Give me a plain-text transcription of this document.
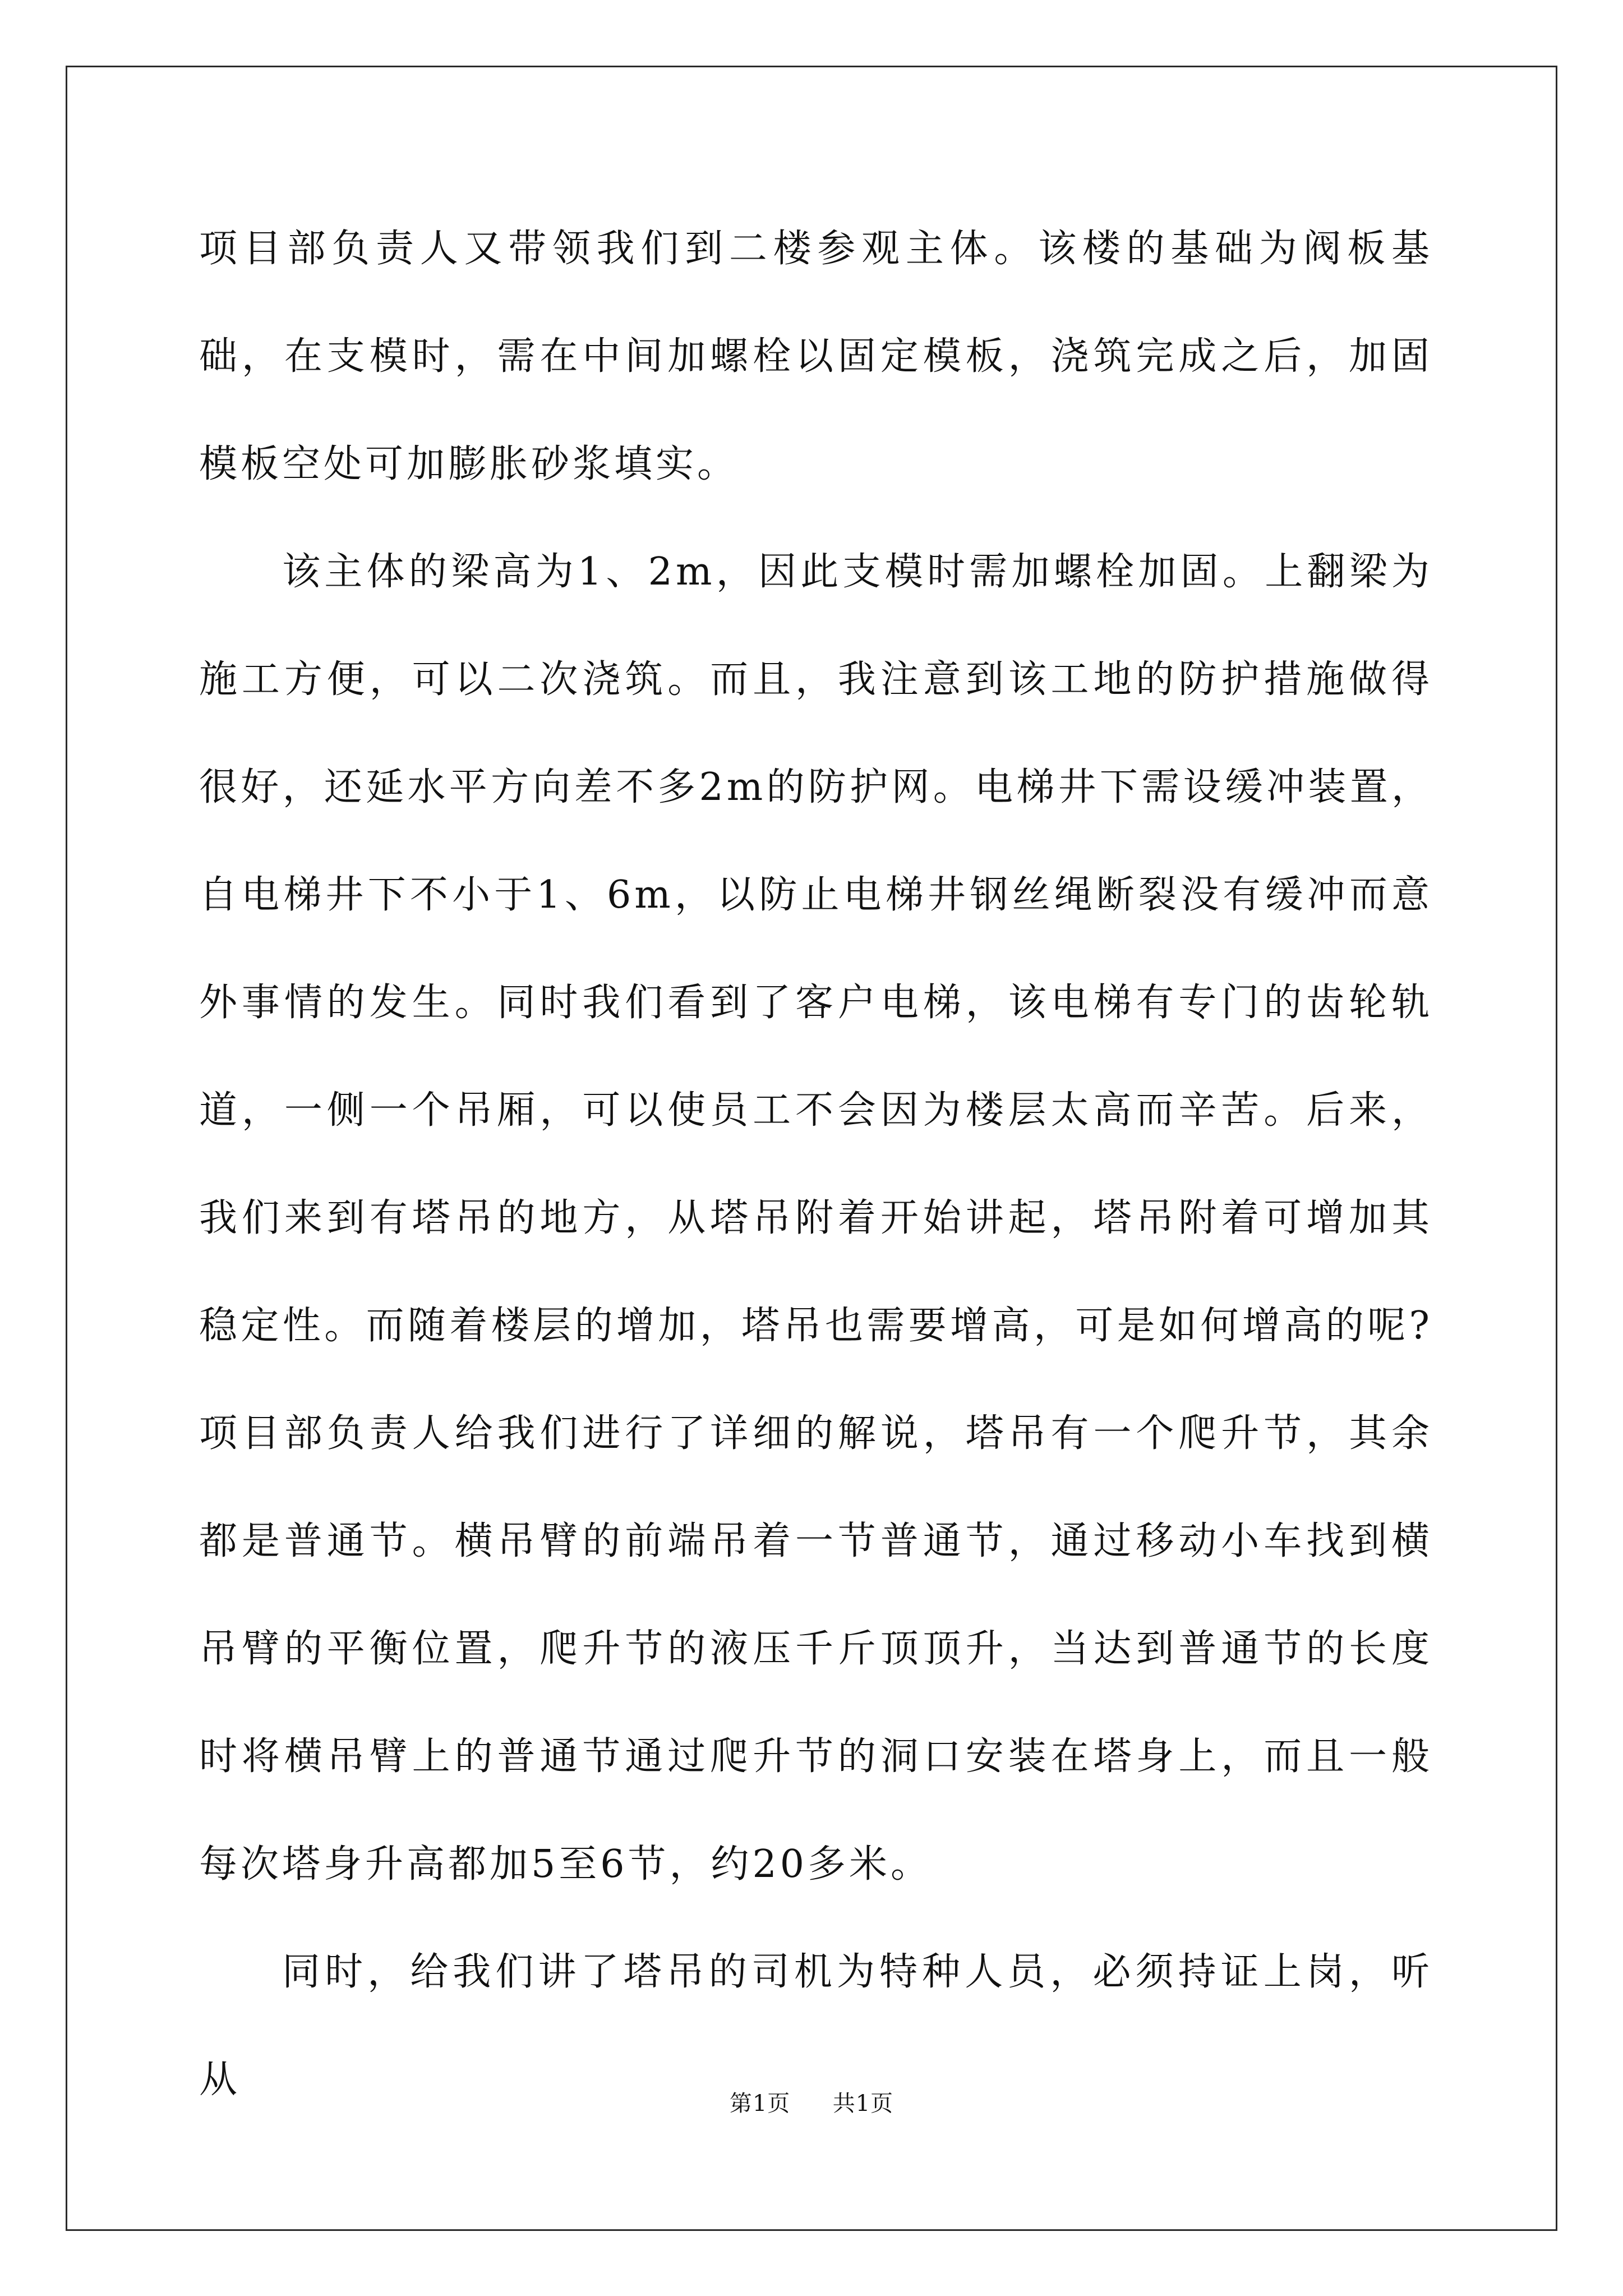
项目部负责人又带领我们到二楼参观主体。该楼的基础为阀板基础，在支模时，需在中间加螺栓以固定模板，浇筑完成之后，加固模板空处可加膨胀砂浆填实。

该主体的梁高为1、2m，因此支模时需加螺栓加固。上翻梁为施工方便，可以二次浇筑。而且，我注意到该工地的防护措施做得很好，还延水平方向差不多2m的防护网。电梯井下需设缓冲装置，自电梯井下不小于1、6m，以防止电梯井钢丝绳断裂没有缓冲而意外事情的发生。同时我们看到了客户电梯，该电梯有专门的齿轮轨道，一侧一个吊厢，可以使员工不会因为楼层太高而辛苦。后来，我们来到有塔吊的地方，从塔吊附着开始讲起，塔吊附着可增加其稳定性。而随着楼层的增加，塔吊也需要增高，可是如何增高的呢?项目部负责人给我们进行了详细的解说，塔吊有一个爬升节，其余都是普通节。横吊臂的前端吊着一节普通节，通过移动小车找到横吊臂的平衡位置，爬升节的液压千斤顶顶升，当达到普通节的长度时将横吊臂上的普通节通过爬升节的洞口安装在塔身上，而且一般每次塔身升高都加5至6节，约20多米。

同时，给我们讲了塔吊的司机为特种人员，必须持证上岗，听从

第1页 共1页
